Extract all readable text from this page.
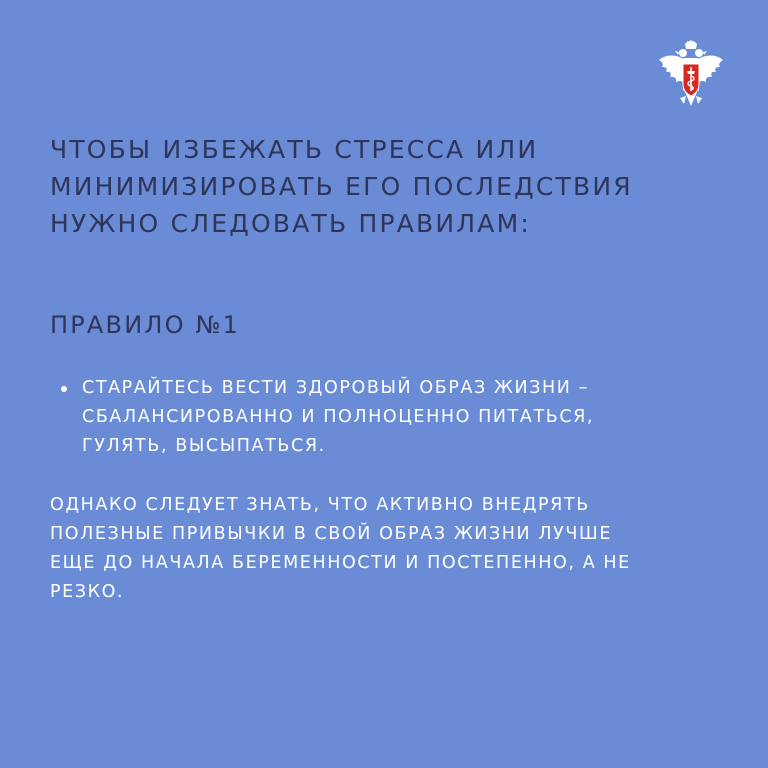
ЧТОБЫ ИЗБЕЖАТЬ СТРЕССА ИЛИ
МИНИМИЗИРОВАТЬ ЕГО ПОСЛЕДСТВИЯ
НУЖНО СЛЕДОВАТЬ ПРАВИЛАМ:
ПРАВИЛО №1
СТАРАЙТЕСЬ ВЕСТИ ЗДОРОВЫЙ ОБРАЗ ЖИЗНИ –
СБАЛАНСИРОВАННО И ПОЛНОЦЕННО ПИТАТЬСЯ,
ГУЛЯТЬ, ВЫСЫПАТЬСЯ.

ОДНАКО СЛЕДУЕТ ЗНАТЬ, ЧТО АКТИВНО ВНЕДРЯТЬ
ПОЛЕЗНЫЕ ПРИВЫЧКИ В СВОЙ ОБРАЗ ЖИЗНИ ЛУЧШЕ
ЕЩЕ ДО НАЧАЛА БЕРЕМЕННОСТИ И ПОСТЕПЕННО, А НЕ
РЕЗКО.
